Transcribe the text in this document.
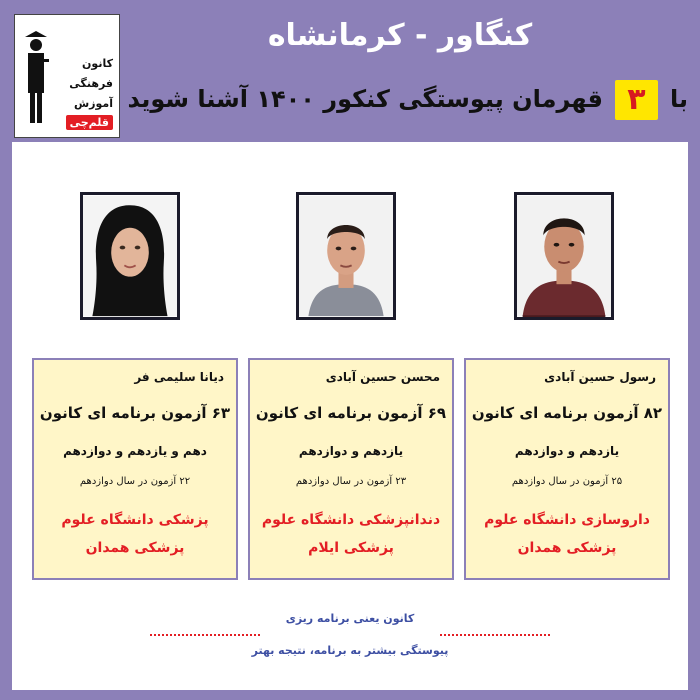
کانون
فرهنگی
آموزش
قلم‌چی
کنگاور - کرمانشاه
با ۳ قهرمان پیوستگی کنکور ۱۴۰۰ آشنا شوید
دیانا سلیمی فر
۶۳ آزمون برنامه ای کانون
دهم و یازدهم و دوازدهم
۲۲ آزمون در سال دوازدهم
پزشکی دانشگاه علوم پزشکی همدان
محسن حسین آبادی
۶۹ آزمون برنامه ای کانون
یازدهم و دوازدهم
۲۳ آزمون در سال دوازدهم
دندانپزشکی دانشگاه علوم پزشکی ایلام
رسول حسین آبادی
۸۲ آزمون برنامه ای کانون
یازدهم و دوازدهم
۲۵ آزمون در سال دوازدهم
داروسازی دانشگاه علوم پزشکی همدان
کانون یعنی برنامه ریزی
پیوستگی بیشتر به برنامه، نتیجه بهتر
